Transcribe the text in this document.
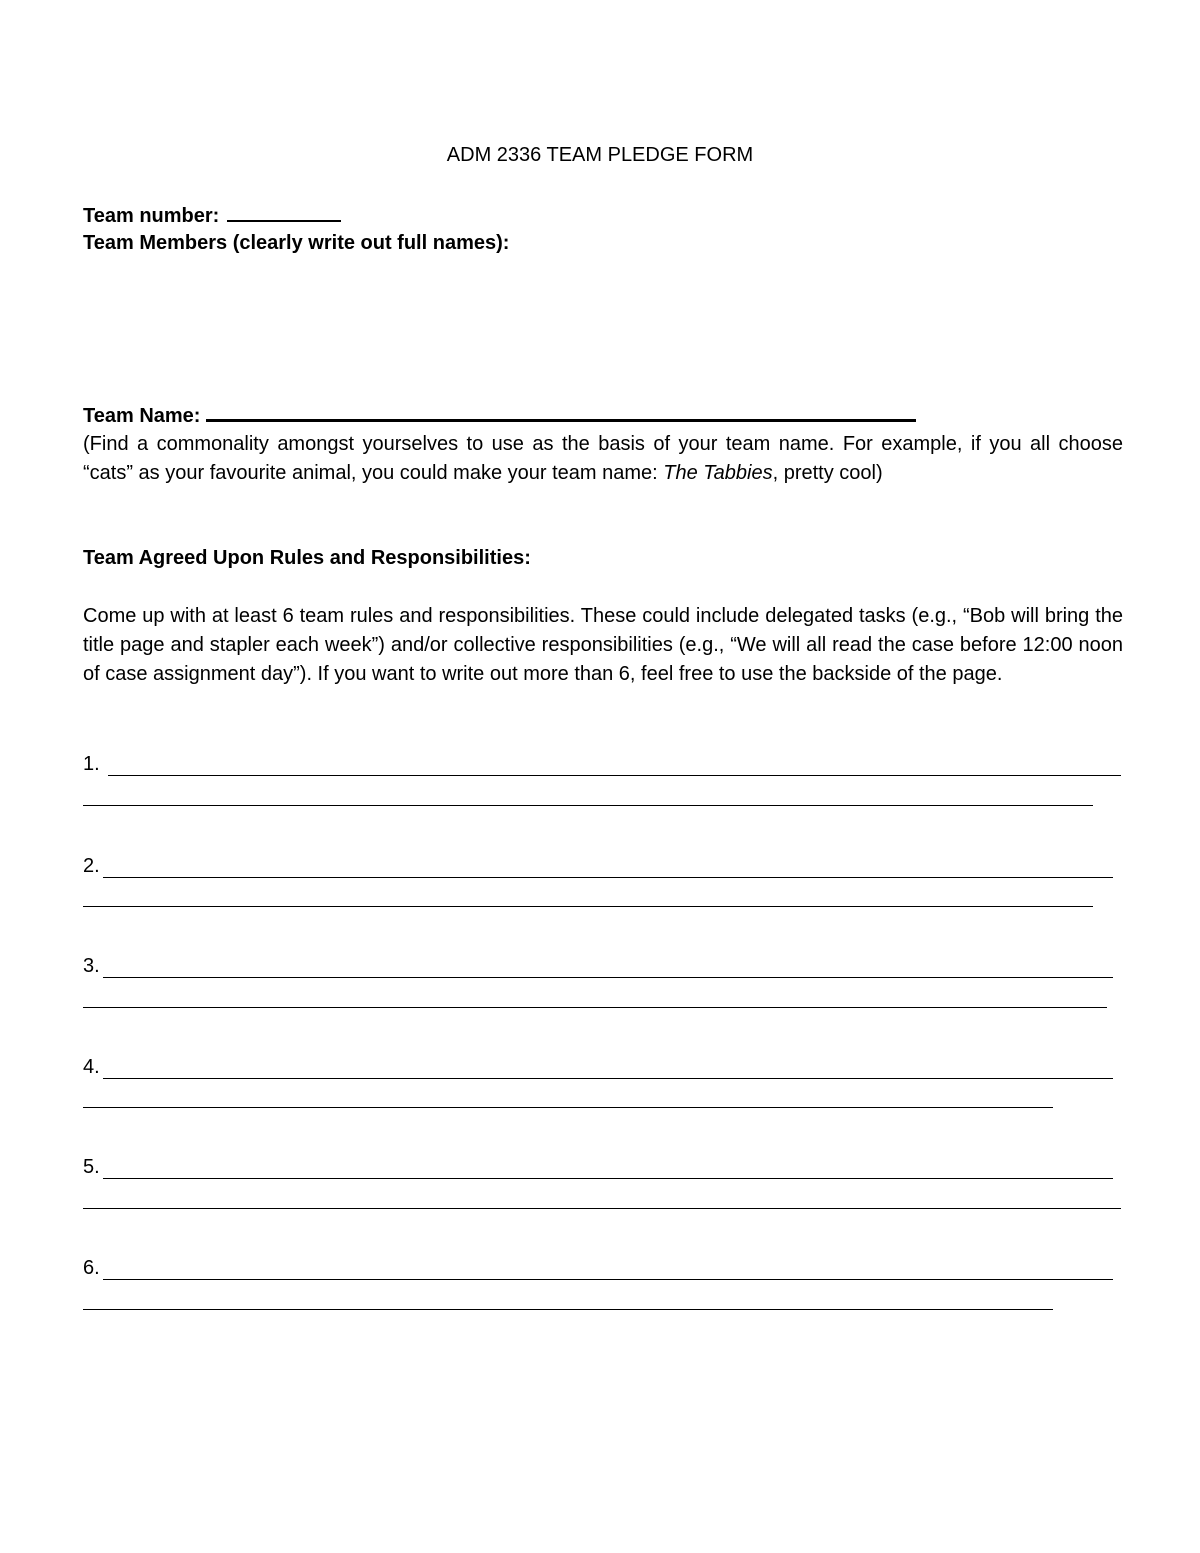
ADM 2336 TEAM PLEDGE FORM
Team number:
Team Members (clearly write out full names):
Team Name:
(Find a commonality amongst yourselves to use as the basis of your team name. For example, if you all choose “cats” as your favourite animal, you could make your team name: The Tabbies, pretty cool)
Team Agreed Upon Rules and Responsibilities:
Come up with at least 6 team rules and responsibilities. These could include delegated tasks (e.g., “Bob will bring the title page and stapler each week”) and/or collective responsibilities (e.g., “We will all read the case before 12:00 noon of case assignment day”). If you want to write out more than 6, feel free to use the backside of the page.
1.
2.
3.
4.
5.
6.
